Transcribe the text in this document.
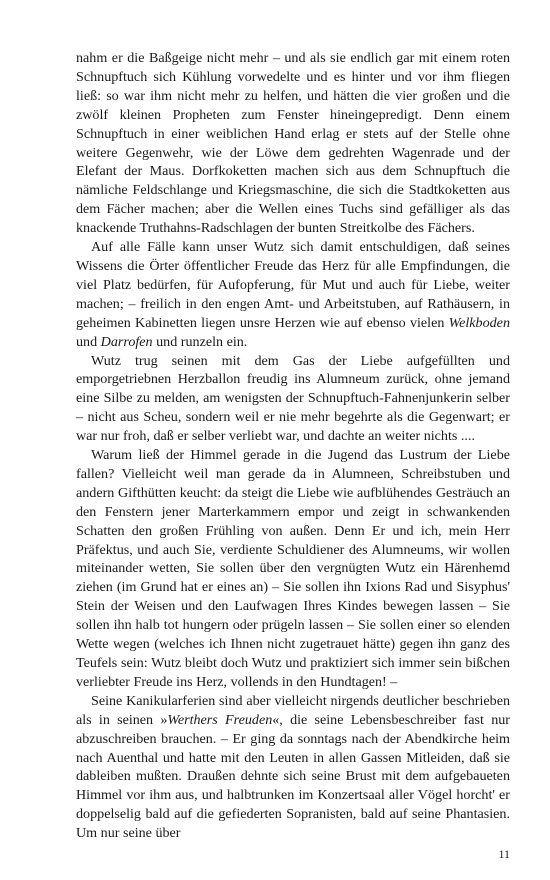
nahm er die Baßgeige nicht mehr – und als sie endlich gar mit einem roten Schnupftuch sich Kühlung vorwedelte und es hinter und vor ihm fliegen ließ: so war ihm nicht mehr zu helfen, und hätten die vier großen und die zwölf kleinen Propheten zum Fenster hineingepredigt. Denn einem Schnupftuch in einer weiblichen Hand erlag er stets auf der Stelle ohne weitere Gegenwehr, wie der Löwe dem gedrehten Wagenrade und der Elefant der Maus. Dorfkoketten machen sich aus dem Schnupftuch die nämliche Feldschlange und Kriegsmaschine, die sich die Stadtkoketten aus dem Fächer machen; aber die Wellen eines Tuchs sind gefälliger als das knackende Truthahns-Radschlagen der bunten Streitkolbe des Fächers.

Auf alle Fälle kann unser Wutz sich damit entschuldigen, daß seines Wissens die Örter öffentlicher Freude das Herz für alle Empfindungen, die viel Platz bedürfen, für Aufopferung, für Mut und auch für Liebe, weiter machen; – freilich in den engen Amt- und Arbeitstuben, auf Rathäusern, in geheimen Kabinetten liegen unsre Herzen wie auf ebenso vielen Welkboden und Darrofen und runzeln ein.

Wutz trug seinen mit dem Gas der Liebe aufgefüllten und emporgetriebnen Herzballon freudig ins Alumneum zurück, ohne jemand eine Silbe zu melden, am wenigsten der Schnupftuch-Fahnenjunkerin selber – nicht aus Scheu, sondern weil er nie mehr begehrte als die Gegenwart; er war nur froh, daß er selber verliebt war, und dachte an weiter nichts ....

Warum ließ der Himmel gerade in die Jugend das Lustrum der Liebe fallen? Vielleicht weil man gerade da in Alumneen, Schreibstuben und andern Gifthütten keucht: da steigt die Liebe wie aufblühendes Gesträuch an den Fenstern jener Marterkammern empor und zeigt in schwankenden Schatten den großen Frühling von außen. Denn Er und ich, mein Herr Präfektus, und auch Sie, verdiente Schuldiener des Alumneums, wir wollen miteinander wetten, Sie sollen über den vergnügten Wutz ein Härenhemd ziehen (im Grund hat er eines an) – Sie sollen ihn Ixions Rad und Sisyphus' Stein der Weisen und den Laufwagen Ihres Kindes bewegen lassen – Sie sollen ihn halb tot hungern oder prügeln lassen – Sie sollen einer so elenden Wette wegen (welches ich Ihnen nicht zugetrauet hätte) gegen ihn ganz des Teufels sein: Wutz bleibt doch Wutz und praktiziert sich immer sein bißchen verliebter Freude ins Herz, vollends in den Hundtagen! –

Seine Kanikularferien sind aber vielleicht nirgends deutlicher beschrieben als in seinen »Werthers Freuden«, die seine Lebensbeschreiber fast nur abzuschreiben brauchen. – Er ging da sonntags nach der Abendkirche heim nach Auenthal und hatte mit den Leuten in allen Gassen Mitleiden, daß sie dableiben mußten. Draußen dehnte sich seine Brust mit dem aufgebaueten Himmel vor ihm aus, und halbtrunken im Konzertsaal aller Vögel horcht' er doppelselig bald auf die gefiederten Sopranisten, bald auf seine Phantasien. Um nur seine über

11
